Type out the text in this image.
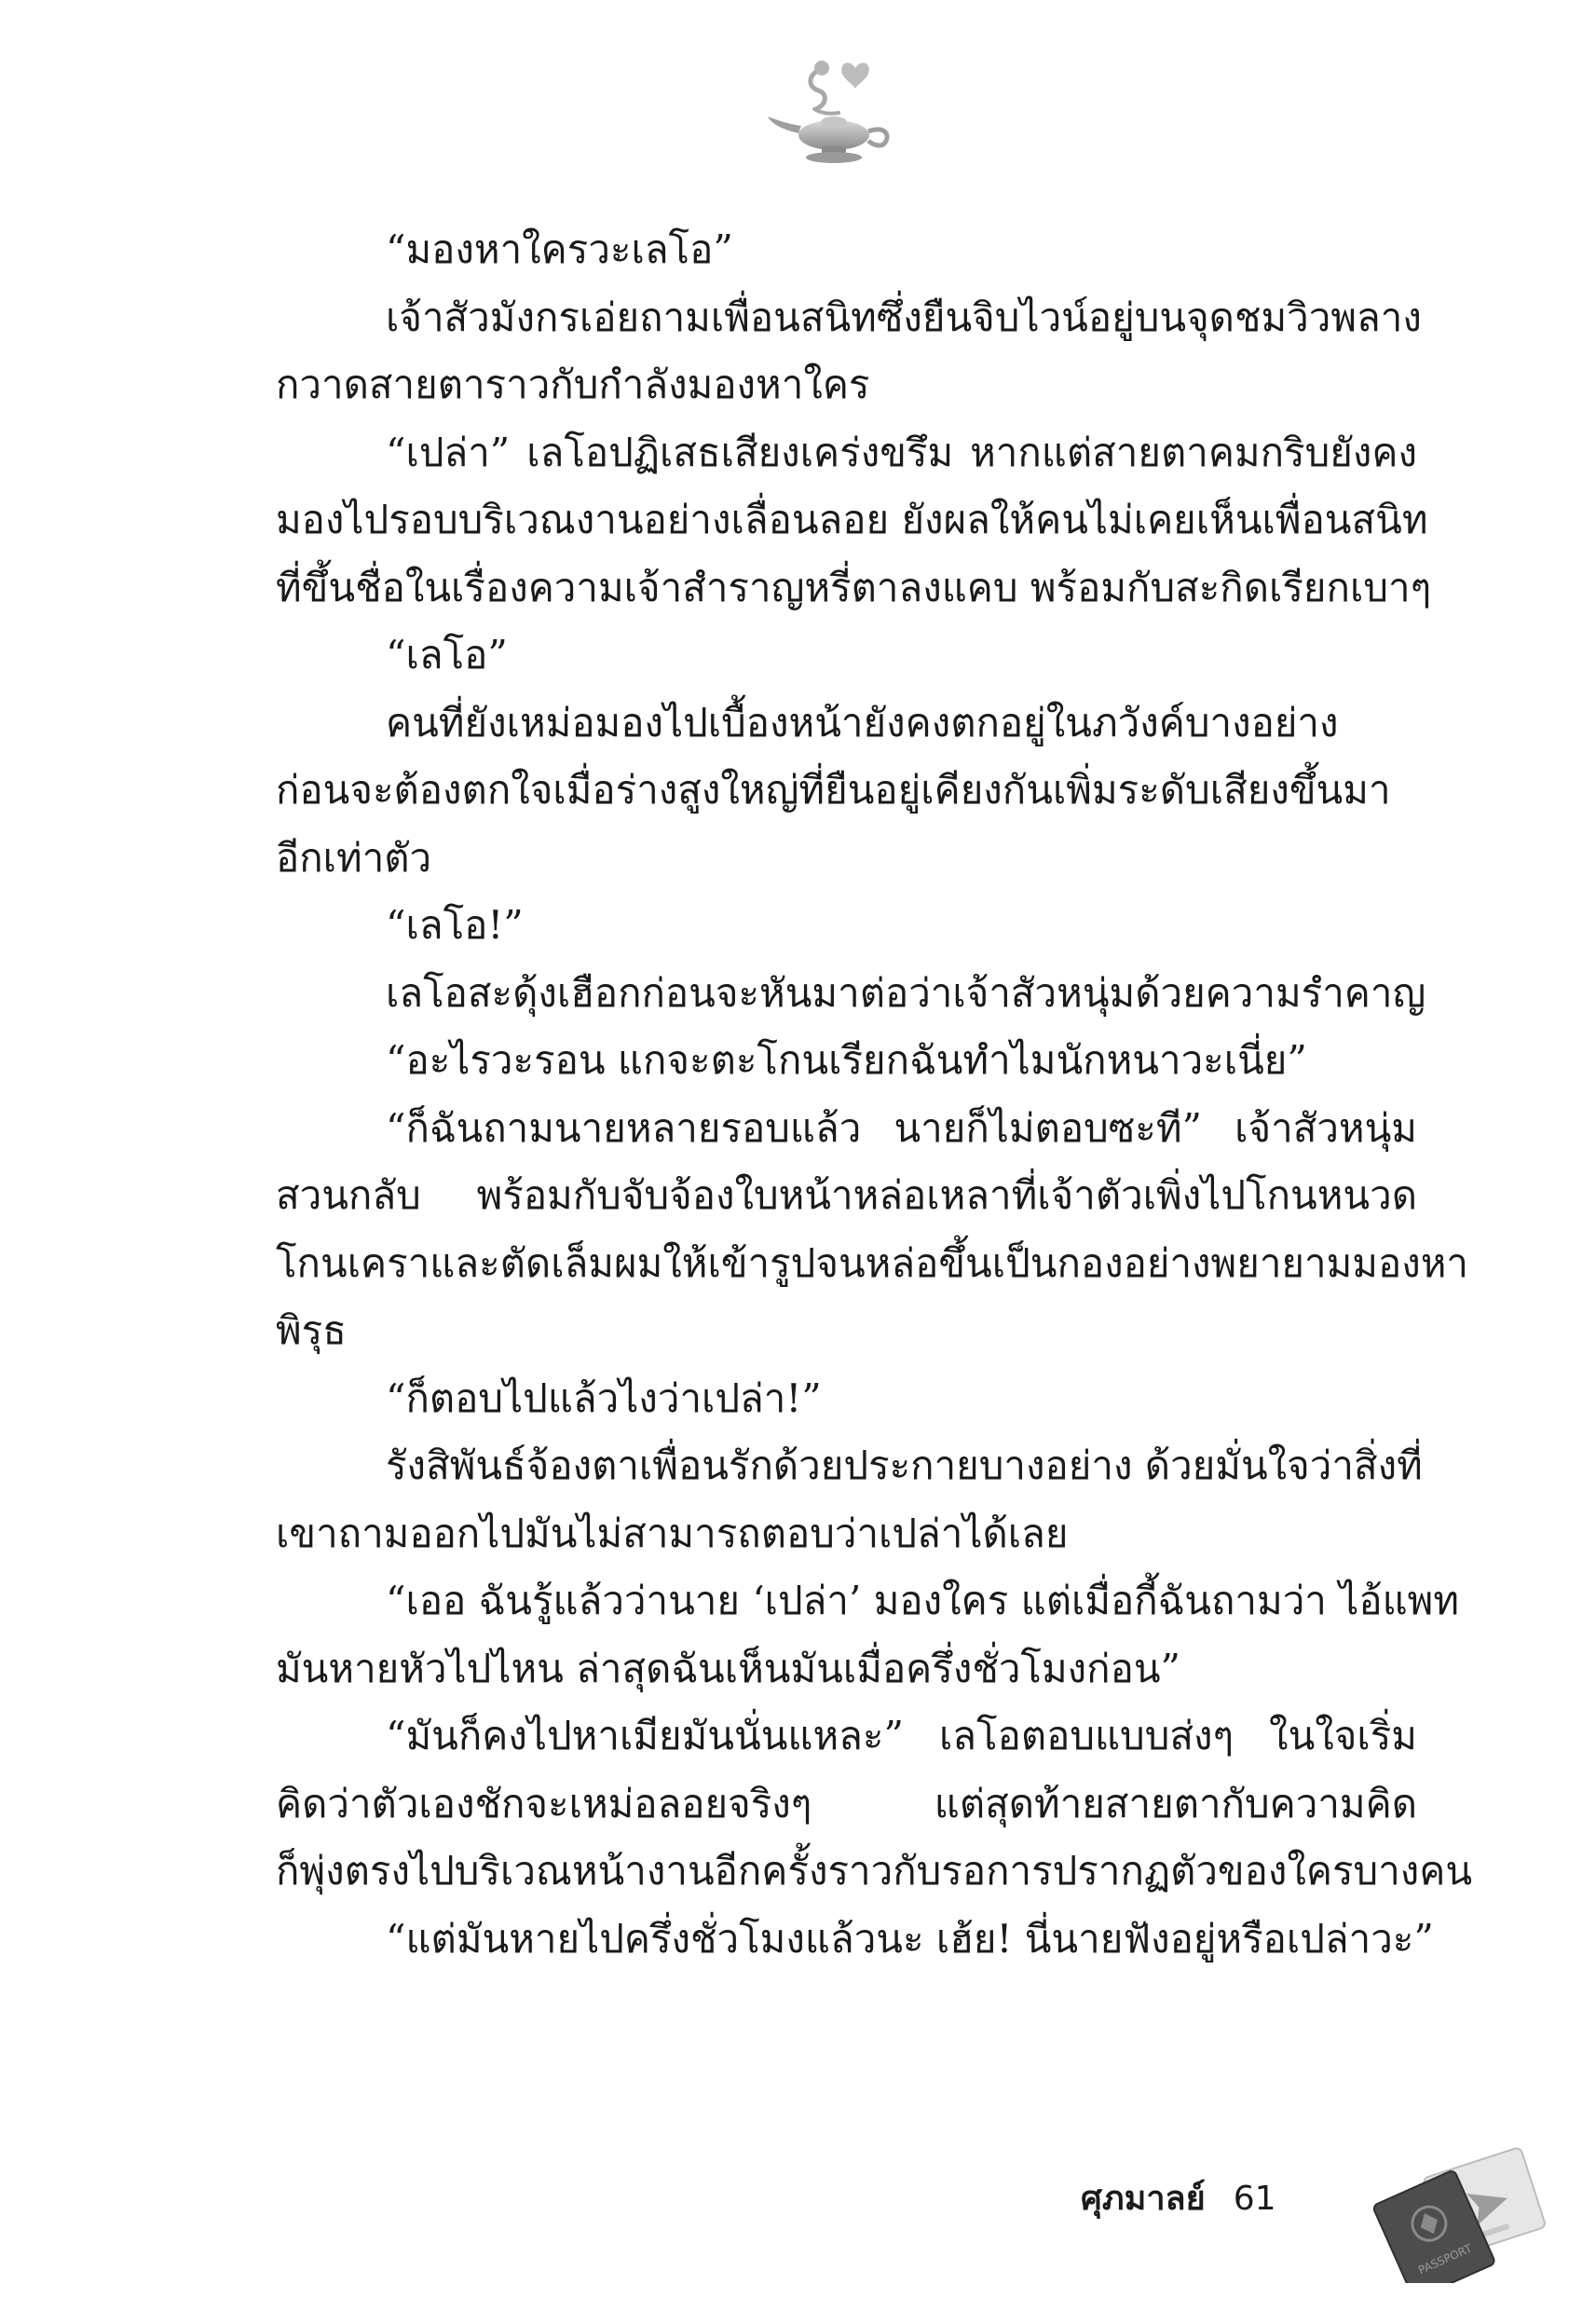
“มองหาใครวะเลโอ”
เจ้าสัวมังกรเอ่ยถามเพื่อนสนิทซึ่งยืนจิบไวน์อยู่บนจุดชมวิวพลาง
กวาดสายตาราวกับกำลังมองหาใคร
“เปล่า” เลโอปฏิเสธเสียงเคร่งขรึม หากแต่สายตาคมกริบยังคง
มองไปรอบบริเวณงานอย่างเลื่อนลอย ยังผลให้คนไม่เคยเห็นเพื่อนสนิท
ที่ขึ้นชื่อในเรื่องความเจ้าสำราญหรี่ตาลงแคบ พร้อมกับสะกิดเรียกเบาๆ
“เลโอ”
คนที่ยังเหม่อมองไปเบื้องหน้ายังคงตกอยู่ในภวังค์บางอย่าง
ก่อนจะต้องตกใจเมื่อร่างสูงใหญ่ที่ยืนอยู่เคียงกันเพิ่มระดับเสียงขึ้นมา
อีกเท่าตัว
“เลโอ!”
เลโอสะดุ้งเฮือกก่อนจะหันมาต่อว่าเจ้าสัวหนุ่มด้วยความรำคาญ
“อะไรวะรอน แกจะตะโกนเรียกฉันทำไมนักหนาวะเนี่ย”
“ก็ฉันถามนายหลายรอบแล้ว นายก็ไม่ตอบซะที” เจ้าสัวหนุ่ม
สวนกลับ พร้อมกับจับจ้องใบหน้าหล่อเหลาที่เจ้าตัวเพิ่งไปโกนหนวด
โกนเคราและตัดเล็มผมให้เข้ารูปจนหล่อขึ้นเป็นกองอย่างพยายามมองหา
พิรุธ
“ก็ตอบไปแล้วไงว่าเปล่า!”
รังสิพันธ์จ้องตาเพื่อนรักด้วยประกายบางอย่าง ด้วยมั่นใจว่าสิ่งที่
เขาถามออกไปมันไม่สามารถตอบว่าเปล่าได้เลย
“เออ ฉันรู้แล้วว่านาย ‘เปล่า’ มองใคร แต่เมื่อกี้ฉันถามว่า ไอ้แพท
มันหายหัวไปไหน ล่าสุดฉันเห็นมันเมื่อครึ่งชั่วโมงก่อน”
“มันก็คงไปหาเมียมันนั่นแหละ” เลโอตอบแบบส่งๆ ในใจเริ่ม
คิดว่าตัวเองชักจะเหม่อลอยจริงๆ แต่สุดท้ายสายตากับความคิด
ก็พุ่งตรงไปบริเวณหน้างานอีกครั้งราวกับรอการปรากฏตัวของใครบางคน
“แต่มันหายไปครึ่งชั่วโมงแล้วนะ เฮ้ย! นี่นายฟังอยู่หรือเปล่าวะ”
ศุภมาลย์ 61
PASSPORT
